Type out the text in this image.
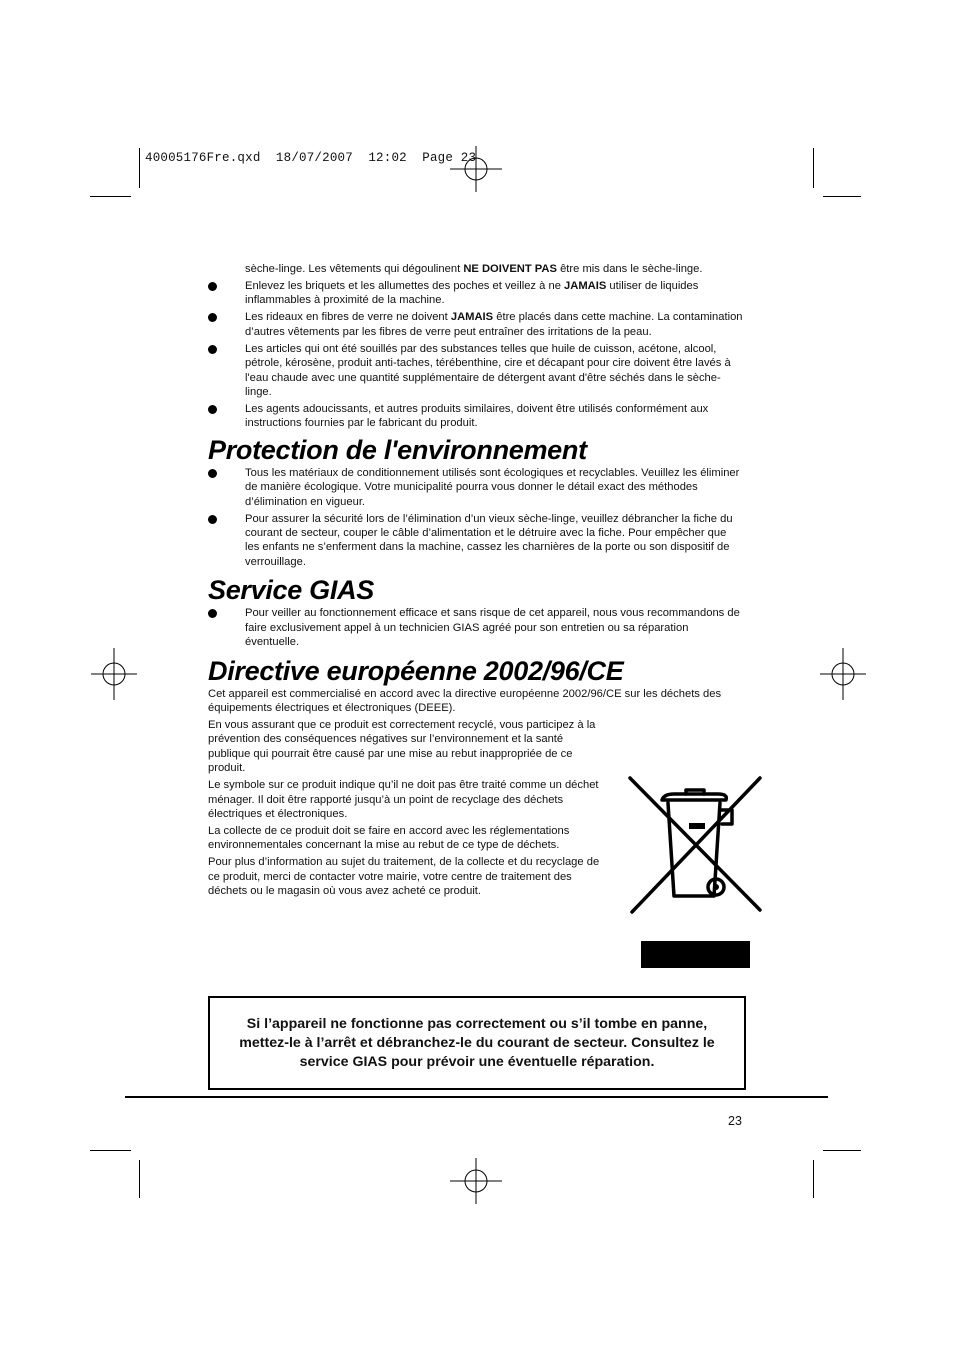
40005176Fre.qxd  18/07/2007  12:02  Page 23

sèche-linge. Les vêtements qui dégoulinent NE DOIVENT PAS être mis dans le sèche-linge.

Enlevez les briquets et les allumettes des poches et veillez à ne JAMAIS utiliser de liquides inflammables à proximité de la machine.

Les rideaux en fibres de verre ne doivent JAMAIS être placés dans cette machine. La contamination d’autres vêtements par les fibres de verre peut entraîner des irritations de la peau.

Les articles qui ont été souillés par des substances telles que huile de cuisson, acétone, alcool, pétrole, kérosène, produit anti-taches, térébenthine, cire et décapant pour cire doivent être lavés à l'eau chaude avec une quantité supplémentaire de détergent avant d'être séchés dans le sèche-linge.

Les agents adoucissants, et autres produits similaires, doivent être utilisés conformément aux instructions fournies par le fabricant du produit.

Protection de l'environnement

Tous les matériaux de conditionnement utilisés sont écologiques et recyclables. Veuillez les éliminer de manière écologique. Votre municipalité pourra vous donner le détail exact des méthodes d’élimination en vigueur.

Pour assurer la sécurité lors de l’élimination d’un vieux sèche-linge, veuillez débrancher la fiche du courant de secteur, couper le câble d’alimentation et le détruire avec la fiche. Pour empêcher que les enfants ne s’enferment dans la machine, cassez les charnières de la porte ou son dispositif de verrouillage.

Service GIAS

Pour veiller au fonctionnement efficace et sans risque de cet appareil, nous vous recommandons de faire exclusivement appel à un technicien GIAS agréé pour son entretien ou sa réparation éventuelle.

Directive européenne 2002/96/CE

Cet appareil est commercialisé en accord avec la directive européenne 2002/96/CE sur les déchets des équipements électriques et électroniques (DEEE).

En vous assurant que ce produit est correctement recyclé, vous participez à la prévention des conséquences négatives sur l’environnement et la santé publique qui pourrait être causé par une mise au rebut inappropriée de ce produit.

Le symbole sur ce produit indique qu’il ne doit pas être traité comme un déchet ménager. Il doit être rapporté jusqu’à un point de recyclage des déchets électriques et électroniques.

La collecte de ce produit doit se faire en accord avec les réglementations environnementales concernant la mise au rebut de ce type de déchets.

Pour plus d’information au sujet du traitement, de la collecte et du recyclage de ce produit, merci de contacter votre mairie, votre centre de traitement des déchets ou le magasin où vous avez acheté ce produit.

Si l’appareil ne fonctionne pas correctement ou s’il tombe en panne, mettez-le à l’arrêt et débranchez-le du courant de secteur. Consultez le service GIAS pour prévoir une éventuelle réparation.
23
